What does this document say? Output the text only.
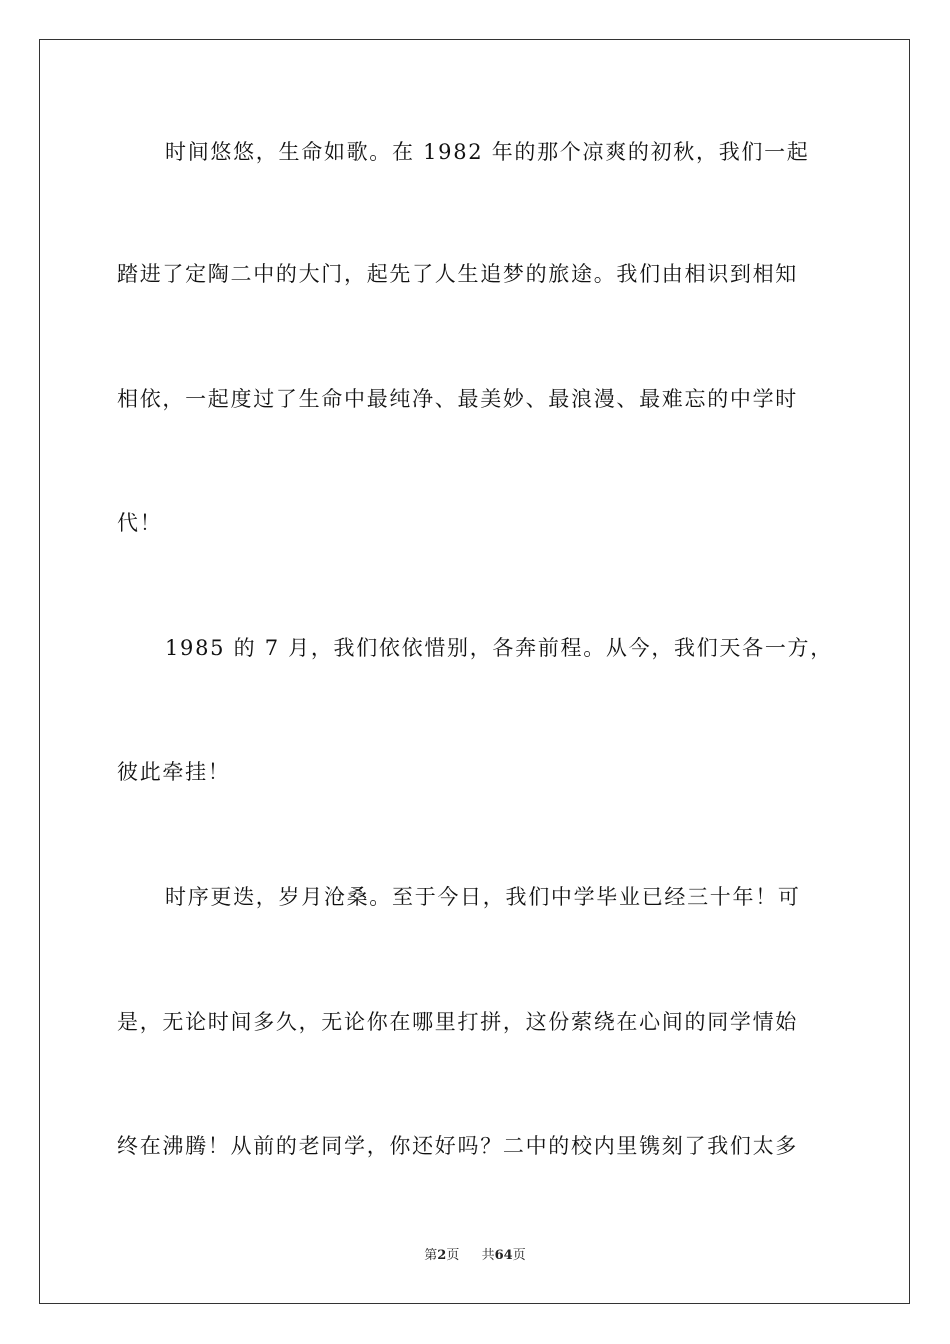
时间悠悠，生命如歌。在 1982 年的那个凉爽的初秋，我们一起

踏进了定陶二中的大门，起先了人生追梦的旅途。我们由相识到相知

相依，一起度过了生命中最纯净、最美妙、最浪漫、最难忘的中学时

代！

1985 的 7 月，我们依依惜别，各奔前程。从今，我们天各一方，

彼此牵挂！

时序更迭，岁月沧桑。至于今日，我们中学毕业已经三十年！可

是，无论时间多久，无论你在哪里打拼，这份萦绕在心间的同学情始

终在沸腾！从前的老同学，你还好吗？二中的校内里镌刻了我们太多

第2页 共64页
